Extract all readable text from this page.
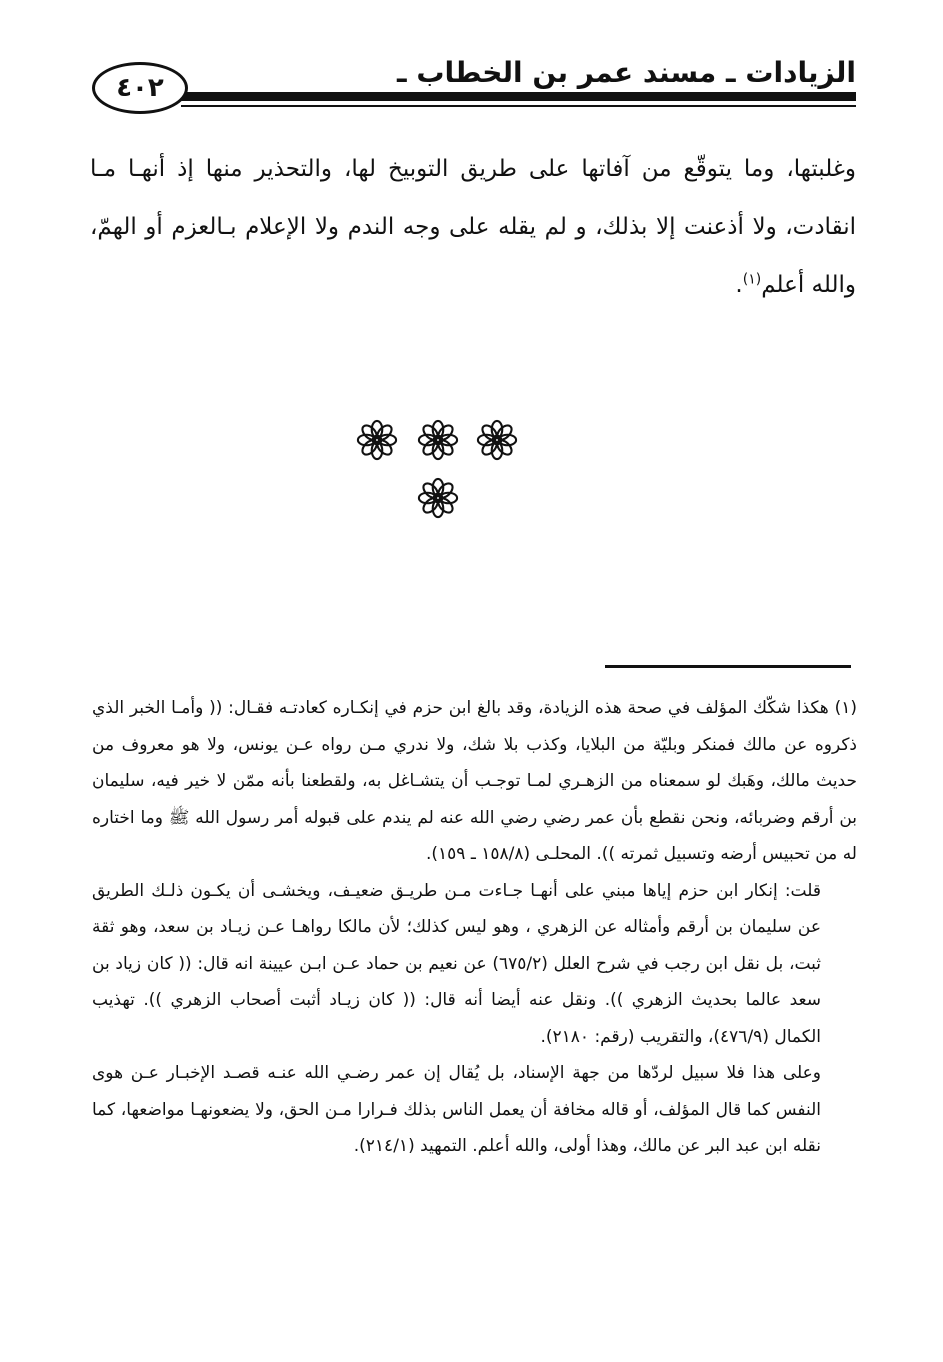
الزيادات ـ مسند عمر بن الخطاب ـ
٤٠٢

وغلبتها، وما يتوقّع من آفاتها على طريق التوبيخ لها، والتحذير منها إذ أنهـا مـا انقادت، ولا أذعنت إلا بذلك، و لم يقله على وجه الندم ولا الإعلام بـالعزم أو الهمّ، والله أعلم$^{(١)}$.

(١) هكذا شكّك المؤلف في صحة هذه الزيادة، وقد بالغ ابن حزم في إنكـاره كعادتـه فقـال: (( وأمـا الخبر الذي ذكروه عن مالك فمنكر وبليّة من البلايا، وكذب بلا شك، ولا ندري مـن رواه عـن يونس، ولا هو معروف من حديث مالك، وهَبك لو سمعناه من الزهـري لمـا توجـب أن يتشـاغل به، ولقطعنا بأنه ممّن لا خير فيه، سليمان بن أرقم وضربائه، ونحن نقطع بأن عمر رضي رضي الله عنه لم يندم على قبوله أمر رسول الله ﷺ وما اختاره له من تحبيس أرضه وتسبيل ثمرته )). المحلـى (١٥٨/٨ ـ ١٥٩).

قلت: إنكار ابن حزم إياها مبني على أنهـا جـاءت مـن طريـق ضعيـف، ويخشـى أن يكـون ذلـك الطريق عن سليمان بن أرقم وأمثاله عن الزهري ، وهو ليس كذلك؛ لأن مالكا رواهـا عـن زيـاد بن سعد، وهو ثقة ثبت، بل نقل ابن رجب في شرح العلل (٦٧٥/٢) عن نعيم بن حماد عـن ابـن عيينة انه قال: (( كان زياد بن سعد عالما بحديث الزهري )). ونقل عنه أيضا أنه قال: (( كان زيـاد أثبت أصحاب الزهري )). تهذيب الكمال (٤٧٦/٩)، والتقريب (رقم: ٢١٨٠).

وعلى هذا فلا سبيل لردّها من جهة الإسناد، بل يُقال إن عمر رضـي الله عنـه قصـد الإخبـار عـن هوى النفس كما قال المؤلف، أو قاله مخافة أن يعمل الناس بذلك فـرارا مـن الحق، ولا يضعونهـا مواضعها، كما نقله ابن عبد البر عن مالك، وهذا أولى، والله أعلم. التمهيد (٢١٤/١).
